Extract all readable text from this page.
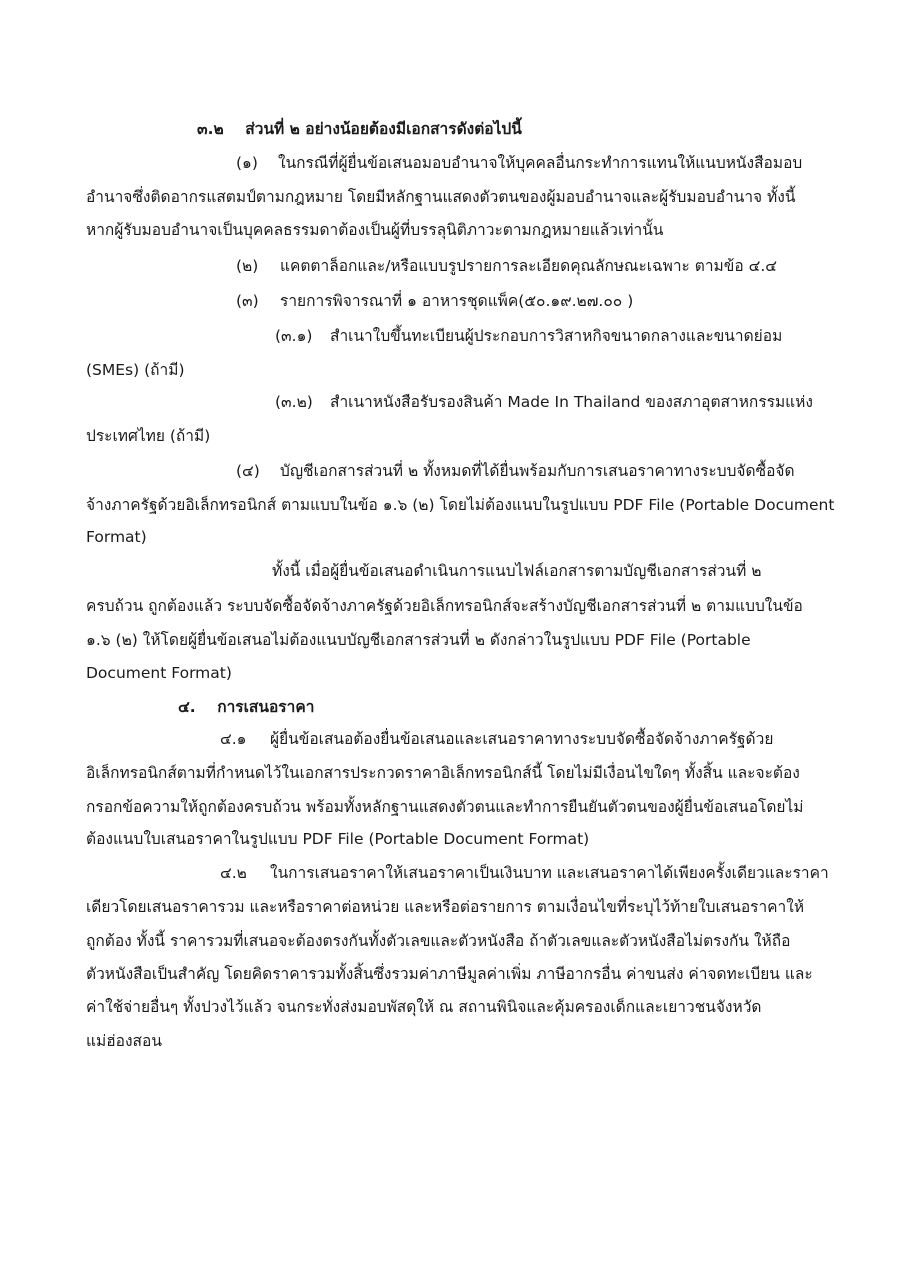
๓.๒ ส่วนที่ ๒ อย่างน้อยต้องมีเอกสารดังต่อไปนี้
(๑) ในกรณีที่ผู้ยื่นข้อเสนอมอบอำนาจให้บุคคลอื่นกระทำการแทนให้แนบหนังสือมอบ
อำนาจซึ่งติดอากรแสตมป์ตามกฎหมาย โดยมีหลักฐานแสดงตัวตนของผู้มอบอำนาจและผู้รับมอบอำนาจ ทั้งนี้
หากผู้รับมอบอำนาจเป็นบุคคลธรรมดาต้องเป็นผู้ที่บรรลุนิติภาวะตามกฎหมายแล้วเท่านั้น
(๒) แคตตาล็อกและ/หรือแบบรูปรายการละเอียดคุณลักษณะเฉพาะ ตามข้อ ๔.๔
(๓) รายการพิจารณาที่ ๑ อาหารชุดแพ็ค(๕๐.๑๙.๒๗.๐๐ )
(๓.๑) สำเนาใบขึ้นทะเบียนผู้ประกอบการวิสาหกิจขนาดกลางและขนาดย่อม
(SMEs) (ถ้ามี)
(๓.๒) สำเนาหนังสือรับรองสินค้า Made In Thailand ของสภาอุตสาหกรรมแห่ง
ประเทศไทย (ถ้ามี)
(๔) บัญชีเอกสารส่วนที่ ๒ ทั้งหมดที่ได้ยื่นพร้อมกับการเสนอราคาทางระบบจัดซื้อจัด
จ้างภาครัฐด้วยอิเล็กทรอนิกส์ ตามแบบในข้อ ๑.๖ (๒) โดยไม่ต้องแนบในรูปแบบ PDF File (Portable Document
Format)
ทั้งนี้ เมื่อผู้ยื่นข้อเสนอดำเนินการแนบไฟล์เอกสารตามบัญชีเอกสารส่วนที่ ๒
ครบถ้วน ถูกต้องแล้ว ระบบจัดซื้อจัดจ้างภาครัฐด้วยอิเล็กทรอนิกส์จะสร้างบัญชีเอกสารส่วนที่ ๒ ตามแบบในข้อ
๑.๖ (๒) ให้โดยผู้ยื่นข้อเสนอไม่ต้องแนบบัญชีเอกสารส่วนที่ ๒ ดังกล่าวในรูปแบบ PDF File (Portable
Document Format)
๔. การเสนอราคา
๔.๑ ผู้ยื่นข้อเสนอต้องยื่นข้อเสนอและเสนอราคาทางระบบจัดซื้อจัดจ้างภาครัฐด้วย
อิเล็กทรอนิกส์ตามที่กำหนดไว้ในเอกสารประกวดราคาอิเล็กทรอนิกส์นี้ โดยไม่มีเงื่อนไขใดๆ ทั้งสิ้น และจะต้อง
กรอกข้อความให้ถูกต้องครบถ้วน พร้อมทั้งหลักฐานแสดงตัวตนและทำการยืนยันตัวตนของผู้ยื่นข้อเสนอโดยไม่
ต้องแนบใบเสนอราคาในรูปแบบ PDF File (Portable Document Format)
๔.๒ ในการเสนอราคาให้เสนอราคาเป็นเงินบาท และเสนอราคาได้เพียงครั้งเดียวและราคา
เดียวโดยเสนอราคารวม และหรือราคาต่อหน่วย และหรือต่อรายการ ตามเงื่อนไขที่ระบุไว้ท้ายใบเสนอราคาให้
ถูกต้อง ทั้งนี้ ราคารวมที่เสนอจะต้องตรงกันทั้งตัวเลขและตัวหนังสือ ถ้าตัวเลขและตัวหนังสือไม่ตรงกัน ให้ถือ
ตัวหนังสือเป็นสำคัญ โดยคิดราคารวมทั้งสิ้นซึ่งรวมค่าภาษีมูลค่าเพิ่ม ภาษีอากรอื่น ค่าขนส่ง ค่าจดทะเบียน และ
ค่าใช้จ่ายอื่นๆ ทั้งปวงไว้แล้ว จนกระทั่งส่งมอบพัสดุให้ ณ สถานพินิจและคุ้มครองเด็กและเยาวชนจังหวัด
แม่ฮ่องสอน
